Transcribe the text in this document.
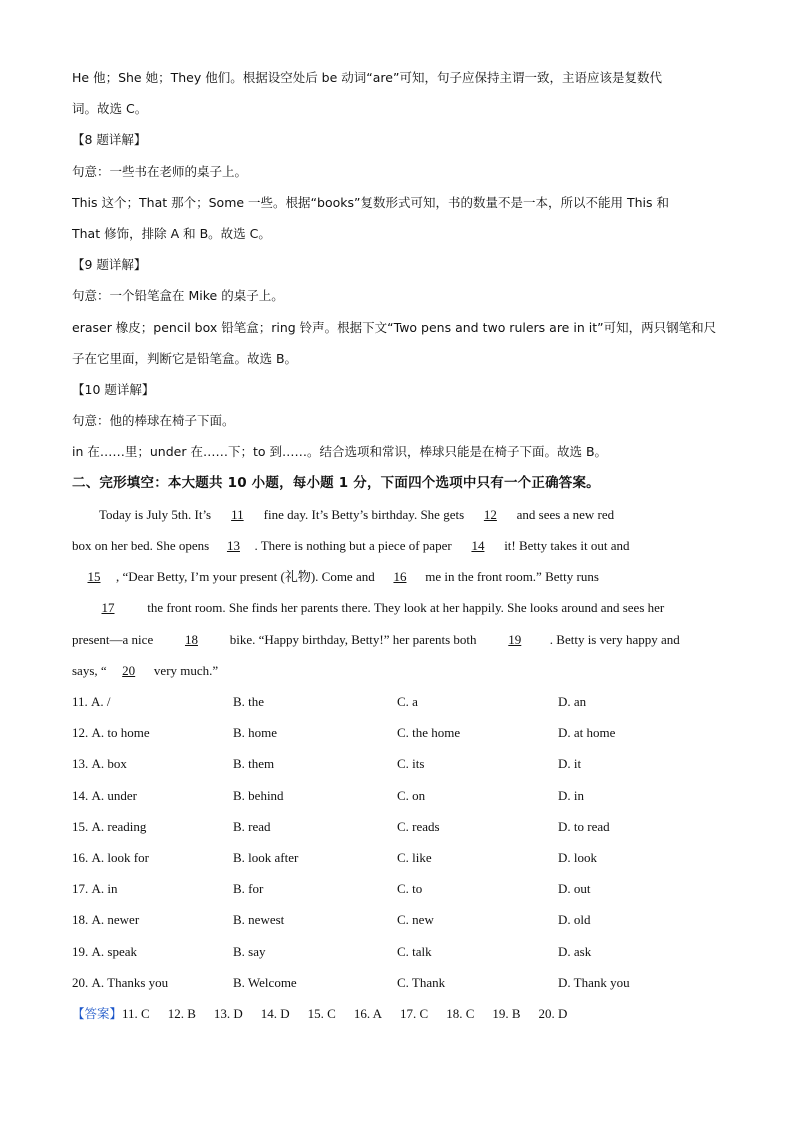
He 他；She 她；They 他们。根据设空处后 be 动词“are”可知，句子应保持主谓一致，主语应该是复数代
词。故选 C。
【8 题详解】
句意：一些书在老师的桌子上。
This 这个；That 那个；Some 一些。根据“books”复数形式可知，书的数量不是一本，所以不能用 This 和
That 修饰，排除 A 和 B。故选 C。
【9 题详解】
句意：一个铅笔盒在 Mike 的桌子上。
eraser 橡皮；pencil box 铅笔盒；ring 铃声。根据下文“Two pens and two rulers are in it”可知，两只钢笔和尺
子在它里面，判断它是铅笔盒。故选 B。
【10 题详解】
句意：他的棒球在椅子下面。
in 在……里；under 在……下；to 到……。结合选项和常识，棒球只能是在椅子下面。故选 B。
二、完形填空：本大题共 10 小题，每小题 1 分，下面四个选项中只有一个正确答案。
Today is July 5th. It’s 11 fine day. It’s Betty’s birthday. She gets 12 and sees a new red
box on her bed. She opens 13 . There is nothing but a piece of paper 14 it! Betty takes it out and
15 , “Dear Betty, I’m your present (礼物). Come and 16 me in the front room.” Betty runs
17 the front room. She finds her parents there. They look at her happily. She looks around and sees her
present—a nice 18 bike. “Happy birthday, Betty!” her parents both 19 . Betty is very happy and
says, “ 20 very much.”
11. A. /	B. the	C. a	D. an
12. A. to home	B. home	C. the home	D. at home
13. A. box	B. them	C. its	D. it
14. A. under	B. behind	C. on	D. in
15. A. reading	B. read	C. reads	D. to read
16. A. look for	B. look after	C. like	D. look
17. A. in	B. for	C. to	D. out
18. A. newer	B. newest	C. new	D. old
19. A. speak	B. say	C. talk	D. ask
20. A. Thanks you	B. Welcome	C. Thank	D. Thank you
【答案】11. C 12. B 13. D 14. D 15. C 16. A 17. C 18. C 19. B 20. D
